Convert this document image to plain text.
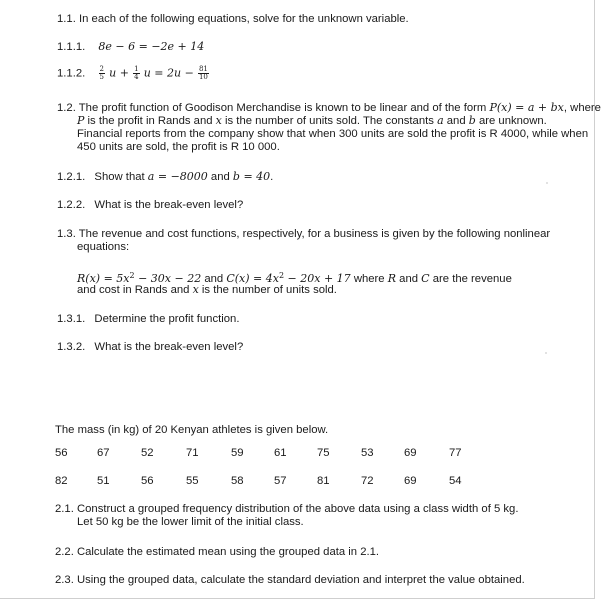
1.1. In each of the following equations, solve for the unknown variable.
1.1.1. 8e − 6 = −2e + 14
1.1.2. $\frac{2}{5}$ $u + \frac{1}{4}$ $u = 2u - \frac{81}{10}$
1.2. The profit function of Goodison Merchandise is known to be linear and of the form P(x) = a + bx, where
P is the profit in Rands and x is the number of units sold. The constants a and b are unknown.
Financial reports from the company show that when 300 units are sold the profit is R 4000, while when
450 units are sold, the profit is R 10 000.
1.2.1. Show that a = −8000 and b = 40.
1.2.2. What is the break-even level?
1.3. The revenue and cost functions, respectively, for a business is given by the following nonlinear
equations:
$R(x) = 5x^2 - 30x - 22$ and $C(x) = 4x^2 - 20x + 17$ where R and C are the revenue
and cost in Rands and x is the number of units sold.
1.3.1. Determine the profit function.
1.3.2. What is the break-even level?
The mass (in kg) of 20 Kenyan athletes is given below.
56	67	52	71	59	61	75	53	69	77
82	51	56	55	58	57	81	72	69	54
2.1. Construct a grouped frequency distribution of the above data using a class width of 5 kg.
Let 50 kg be the lower limit of the initial class.
2.2. Calculate the estimated mean using the grouped data in 2.1.
2.3. Using the grouped data, calculate the standard deviation and interpret the value obtained.
